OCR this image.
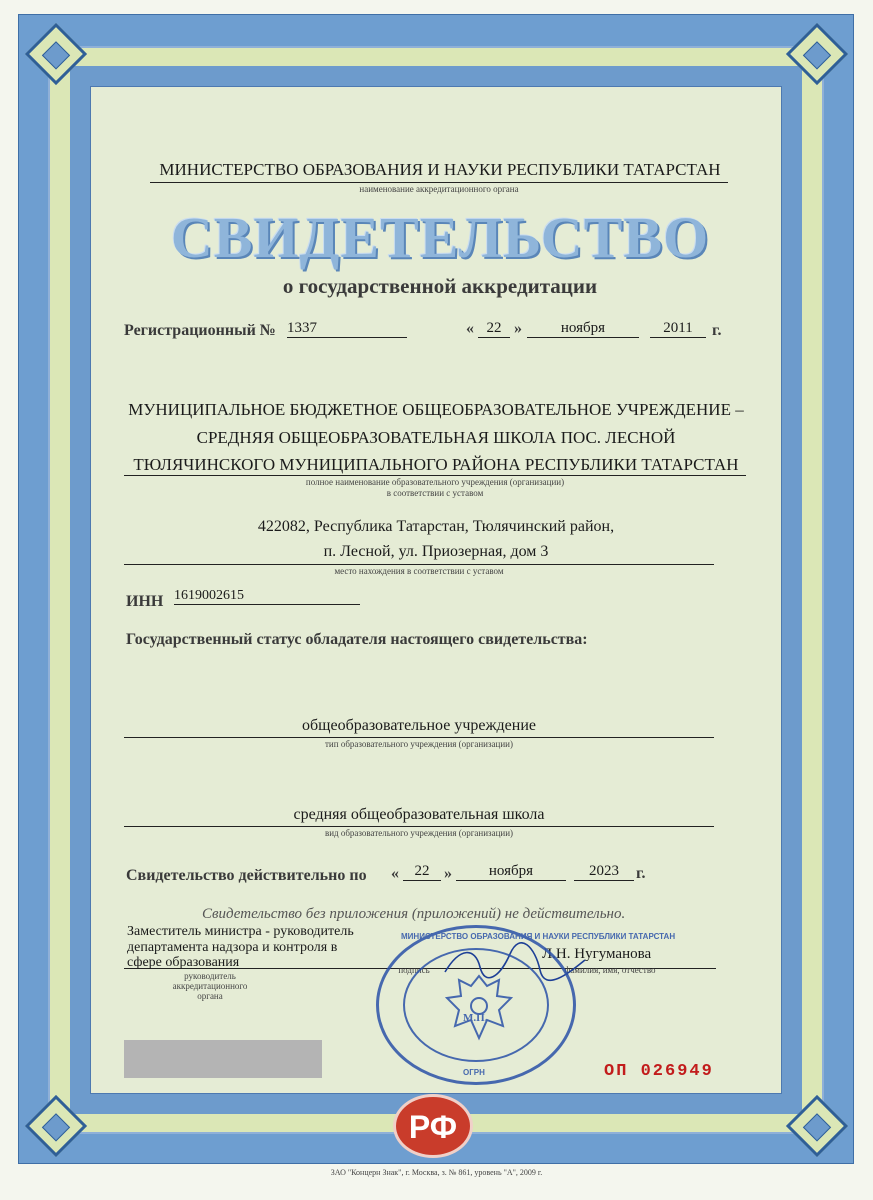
МИНИСТЕРСТВО ОБРАЗОВАНИЯ И НАУКИ РЕСПУБЛИКИ ТАТАРСТАН
наименование аккредитационного органа
СВИДЕТЕЛЬСТВО
о государственной аккредитации
Регистрационный № 1337	« 22 »	ноября	2011	г.
МУНИЦИПАЛЬНОЕ БЮДЖЕТНОЕ ОБЩЕОБРАЗОВАТЕЛЬНОЕ УЧРЕЖДЕНИЕ –
СРЕДНЯЯ ОБЩЕОБРАЗОВАТЕЛЬНАЯ ШКОЛА ПОС. ЛЕСНОЙ
ТЮЛЯЧИНСКОГО МУНИЦИПАЛЬНОГО РАЙОНА РЕСПУБЛИКИ ТАТАРСТАН
полное наименование образовательного учреждения (организации)
в соответствии с уставом
422082, Республика Татарстан, Тюлячинский район,
п. Лесной, ул. Приозерная, дом 3
место нахождения в соответствии с уставом
ИНН 1619002615
Государственный статус обладателя настоящего свидетельства:
общеобразовательное учреждение
тип образовательного учреждения (организации)
средняя общеобразовательная школа
вид образовательного учреждения (организации)
Свидетельство действительно по «	22 »	ноября	2023	г.
Свидетельство без приложения (приложений) не действительно.
Заместитель министра - руководитель
департамента надзора и контроля в
сфере образования
руководитель
аккредитационного
органа
подпись
Л.Н. Нугуманова
фамилия, имя, отчество
МИНИСТЕРСТВО ОБРАЗОВАНИЯ И НАУКИ РЕСПУБЛИКИ ТАТАРСТАН
ОГРН
М.П.
ОП 026949
РФ
ЗАО "Концерн Знак", г. Москва, з. № 861, уровень "А", 2009 г.
